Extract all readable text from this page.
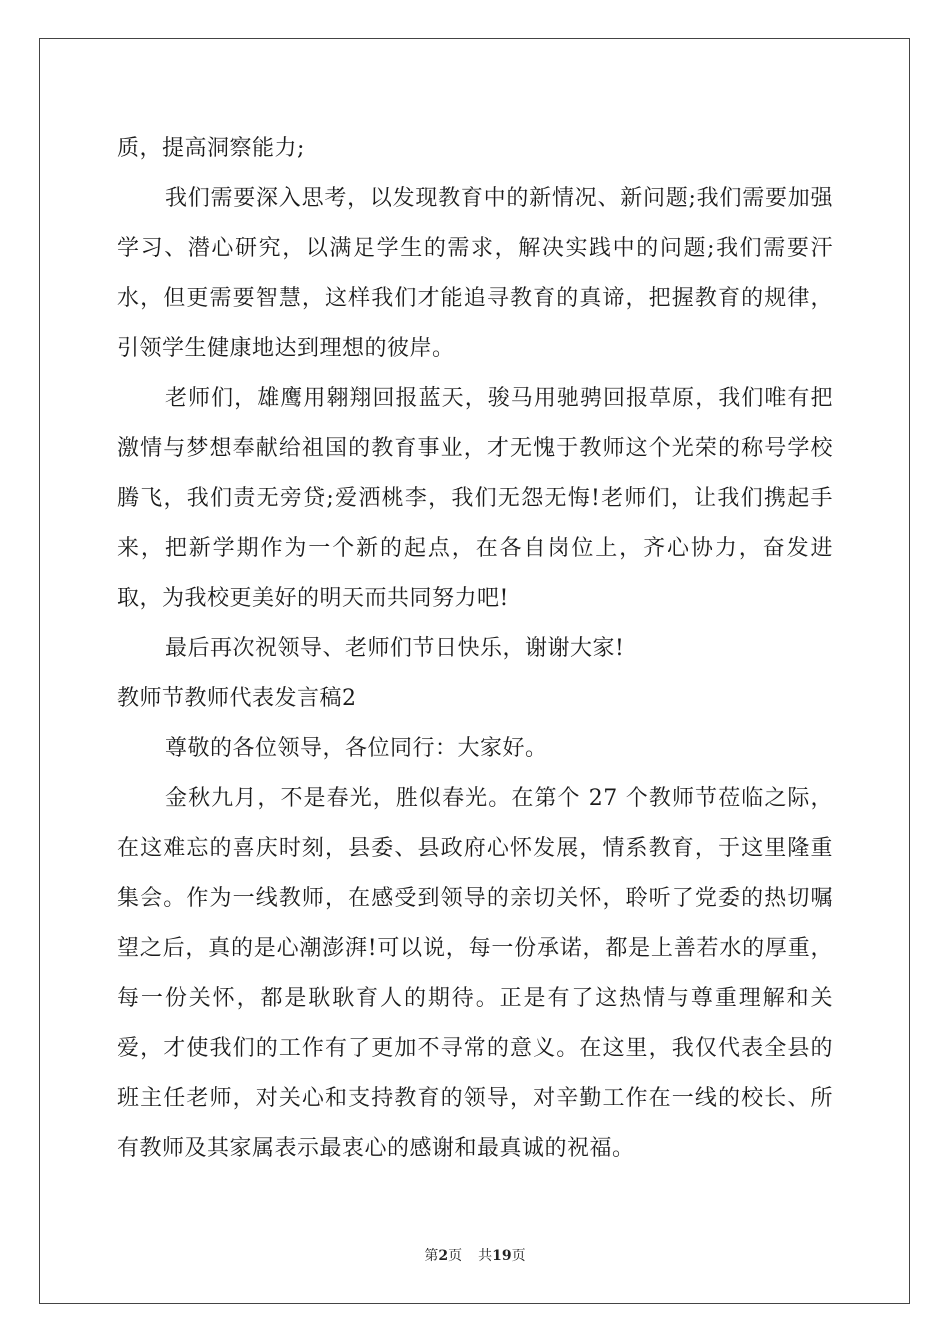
质，提高洞察能力;

我们需要深入思考，以发现教育中的新情况、新问题;我们需要加强学习、潜心研究，以满足学生的需求，解决实践中的问题;我们需要汗水，但更需要智慧，这样我们才能追寻教育的真谛，把握教育的规律，引领学生健康地达到理想的彼岸。

老师们，雄鹰用翱翔回报蓝天，骏马用驰骋回报草原，我们唯有把激情与梦想奉献给祖国的教育事业，才无愧于教师这个光荣的称号学校腾飞，我们责无旁贷;爱洒桃李，我们无怨无悔!老师们，让我们携起手来，把新学期作为一个新的起点，在各自岗位上，齐心协力，奋发进取，为我校更美好的明天而共同努力吧!

最后再次祝领导、老师们节日快乐，谢谢大家!

教师节教师代表发言稿2

尊敬的各位领导，各位同行：大家好。

金秋九月，不是春光，胜似春光。在第个 27 个教师节莅临之际，在这难忘的喜庆时刻，县委、县政府心怀发展，情系教育，于这里隆重集会。作为一线教师，在感受到领导的亲切关怀，聆听了党委的热切嘱望之后，真的是心潮澎湃!可以说，每一份承诺，都是上善若水的厚重，每一份关怀，都是耿耿育人的期待。正是有了这热情与尊重理解和关爱，才使我们的工作有了更加不寻常的意义。在这里，我仅代表全县的班主任老师，对关心和支持教育的领导，对辛勤工作在一线的校长、所有教师及其家属表示最衷心的感谢和最真诚的祝福。

第2页 共19页
